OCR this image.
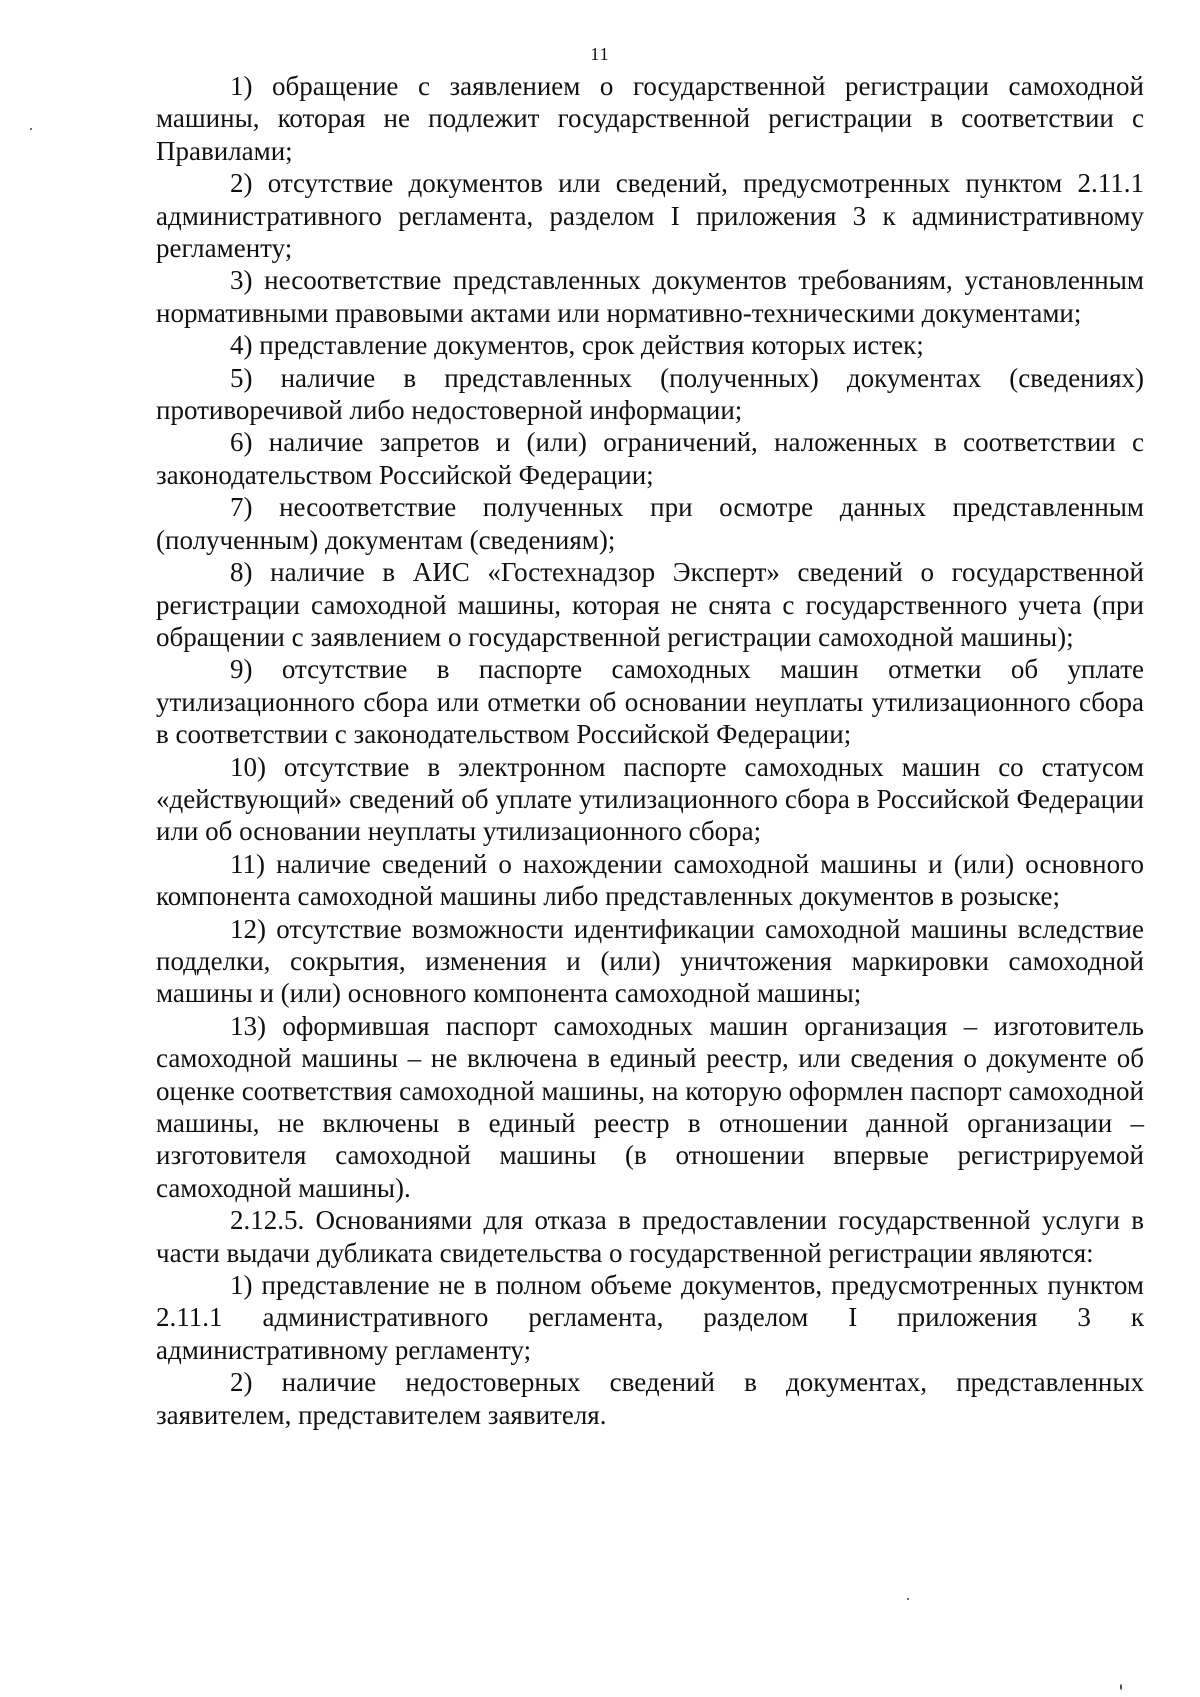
11

1) обращение с заявлением о государственной регистрации самоходной машины, которая не подлежит государственной регистрации в соответствии с Правилами;

2) отсутствие документов или сведений, предусмотренных пунктом 2.11.1 административного регламента, разделом I приложения 3 к административному регламенту;

3) несоответствие представленных документов требованиям, установленным нормативными правовыми актами или нормативно-техническими документами;

4) представление документов, срок действия которых истек;

5) наличие в представленных (полученных) документах (сведениях) противоречивой либо недостоверной информации;

6) наличие запретов и (или) ограничений, наложенных в соответствии с законодательством Российской Федерации;

7) несоответствие полученных при осмотре данных представленным (полученным) документам (сведениям);

8) наличие в АИС «Гостехнадзор Эксперт» сведений о государственной регистрации самоходной машины, которая не снята с государственного учета (при обращении с заявлением о государственной регистрации самоходной машины);

9) отсутствие в паспорте самоходных машин отметки об уплате утилизационного сбора или отметки об основании неуплаты утилизационного сбора в соответствии с законодательством Российской Федерации;

10) отсутствие в электронном паспорте самоходных машин со статусом «действующий» сведений об уплате утилизационного сбора в Российской Федерации или об основании неуплаты утилизационного сбора;

11) наличие сведений о нахождении самоходной машины и (или) основного компонента самоходной машины либо представленных документов в розыске;

12) отсутствие возможности идентификации самоходной машины вследствие подделки, сокрытия, изменения и (или) уничтожения маркировки самоходной машины и (или) основного компонента самоходной машины;

13) оформившая паспорт самоходных машин организация – изготовитель самоходной машины – не включена в единый реестр, или сведения о документе об оценке соответствия самоходной машины, на которую оформлен паспорт самоходной машины, не включены в единый реестр в отношении данной организации – изготовителя самоходной машины (в отношении впервые регистрируемой самоходной машины).

2.12.5. Основаниями для отказа в предоставлении государственной услуги в части выдачи дубликата свидетельства о государственной регистрации являются:

1) представление не в полном объеме документов, предусмотренных пунктом 2.11.1 административного регламента, разделом I приложения 3 к административному регламенту;

2) наличие недостоверных сведений в документах, представленных заявителем, представителем заявителя.
